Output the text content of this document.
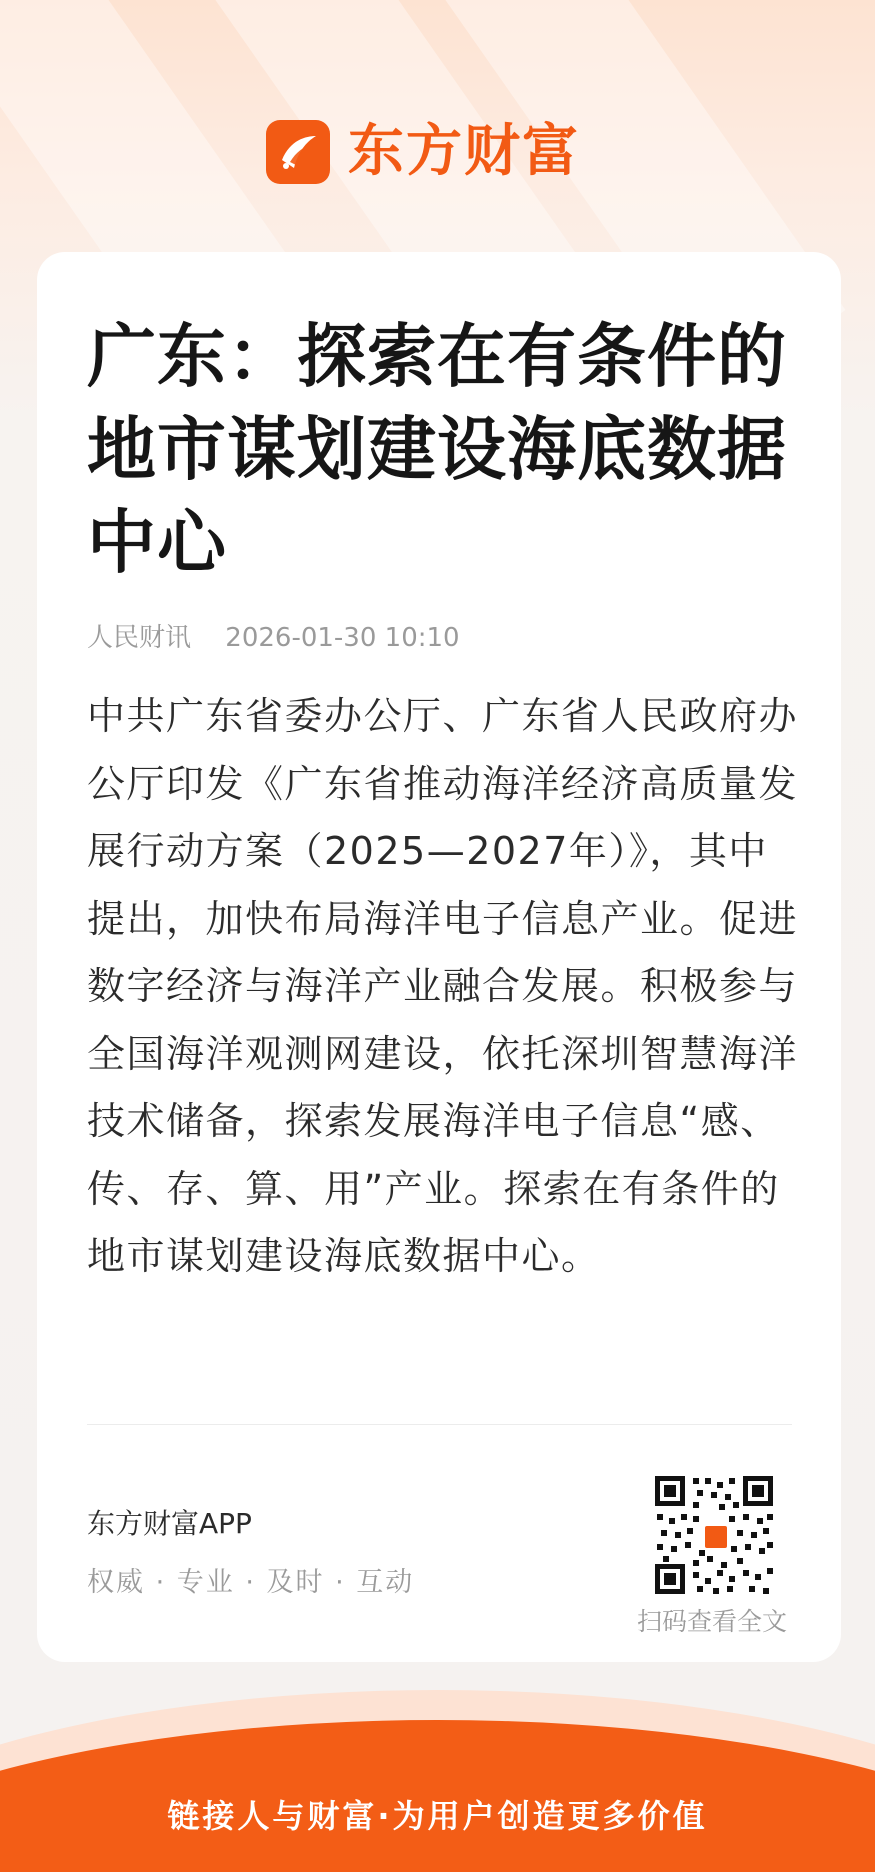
东方财富
广东：探索在有条件的地市谋划建设海底数据中心
人民财讯 2026-01-30 10:10

中共广东省委办公厅、广东省人民政府办公厅印发《广东省推动海洋经济高质量发展行动方案（2025—2027年）》，其中提出，加快布局海洋电子信息产业。促进数字经济与海洋产业融合发展。积极参与全国海洋观测网建设，依托深圳智慧海洋技术储备，探索发展海洋电子信息“感、传、存、算、用”产业。探索在有条件的地市谋划建设海底数据中心。

东方财富APP
权威 · 专业 · 及时 · 互动
扫码查看全文
链接人与财富·为用户创造更多价值
